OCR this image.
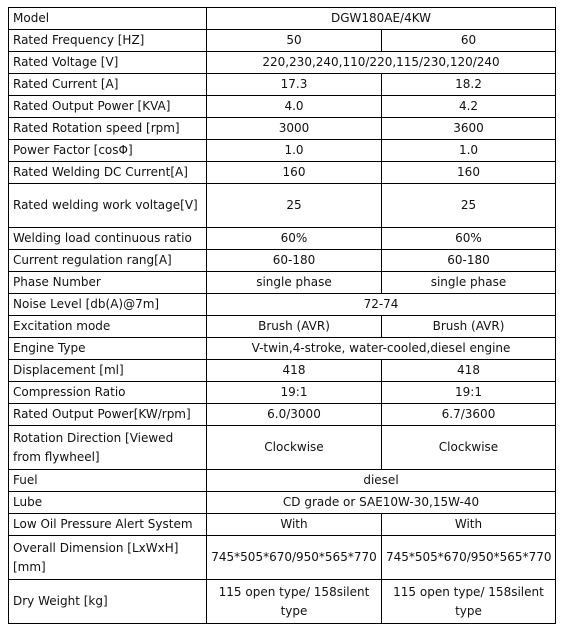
Model	DGW180AE/4KW	
Rated Frequency [HZ]	50	60
Rated Voltage [V]	220,230,240,110/220,115/230,120/240	
Rated Current [A]	17.3	18.2
Rated Output Power [KVA]	4.0	4.2
Rated Rotation speed [rpm]	3000	3600
Power Factor [cosΦ]	1.0	1.0
Rated Welding DC Current[A]	160	160
Rated welding work voltage[V]	25	25
Welding load continuous ratio	60%	60%
Current regulation rang[A]	60-180	60-180
Phase Number	single phase	single phase
Noise Level [db(A)@7m]	72-74	
Excitation mode	Brush (AVR)	Brush (AVR)
Engine Type	V-twin,4-stroke, water-cooled,diesel engine	
Displacement [ml]	418	418
Compression Ratio	19:1	19:1
Rated Output Power[KW/rpm]	6.0/3000	6.7/3600
Rotation Direction [Viewed from flywheel]	Clockwise	Clockwise
Fuel	diesel	
Lube	CD grade or SAE10W-30,15W-40	
Low Oil Pressure Alert System	With	With
Overall Dimension [LxWxH] [mm]	745*505*670/950*565*770	745*505*670/950*565*770
Dry Weight [kg]	115 open type/ 158silent type	115 open type/ 158silent type
